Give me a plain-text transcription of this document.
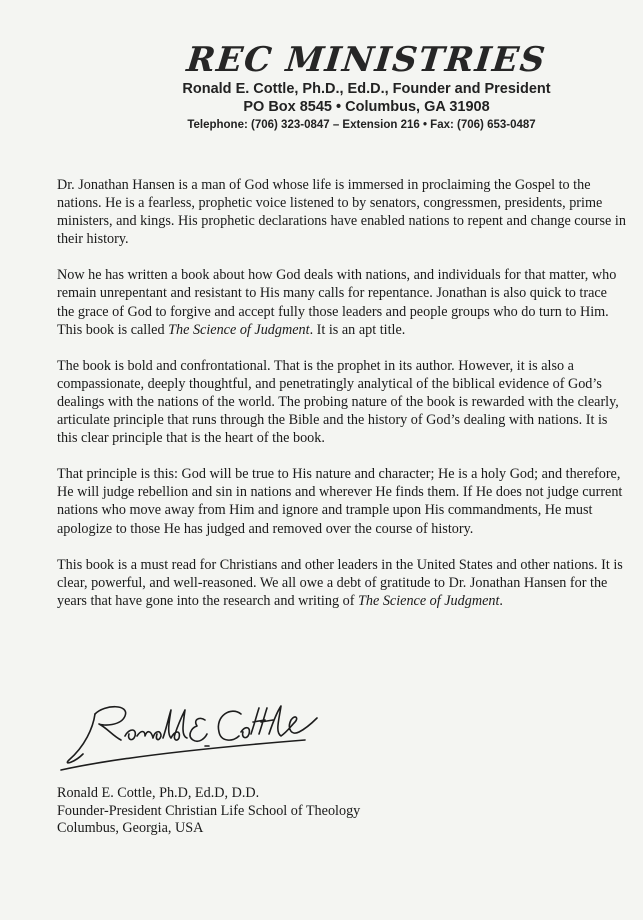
REC MINISTRIES
Ronald E. Cottle, Ph.D., Ed.D., Founder and President
PO Box 8545 • Columbus, GA 31908
Telephone: (706) 323-0847 – Extension 216 • Fax: (706) 653-0487

Dr. Jonathan Hansen is a man of God whose life is immersed in proclaiming the Gospel to the nations. He is a fearless, prophetic voice listened to by senators, congressmen, presidents, prime ministers, and kings. His prophetic declarations have enabled nations to repent and change course in their history.

Now he has written a book about how God deals with nations, and individuals for that matter, who remain unrepentant and resistant to His many calls for repentance. Jonathan is also quick to trace the grace of God to forgive and accept fully those leaders and people groups who do turn to Him. This book is called The Science of Judgment. It is an apt title.

The book is bold and confrontational. That is the prophet in its author. However, it is also a compassionate, deeply thoughtful, and penetratingly analytical of the biblical evidence of God’s dealings with the nations of the world. The probing nature of the book is rewarded with the clearly, articulate principle that runs through the Bible and the history of God’s dealing with nations. It is this clear principle that is the heart of the book.

That principle is this: God will be true to His nature and character; He is a holy God; and therefore, He will judge rebellion and sin in nations and wherever He finds them. If He does not judge current nations who move away from Him and ignore and trample upon His commandments, He must apologize to those He has judged and removed over the course of history.

This book is a must read for Christians and other leaders in the United States and other nations. It is clear, powerful, and well-reasoned. We all owe a debt of gratitude to Dr. Jonathan Hansen for the years that have gone into the research and writing of The Science of Judgment.

Ronald E. Cottle, Ph.D, Ed.D, D.D.
Founder-President Christian Life School of Theology
Columbus, Georgia, USA
